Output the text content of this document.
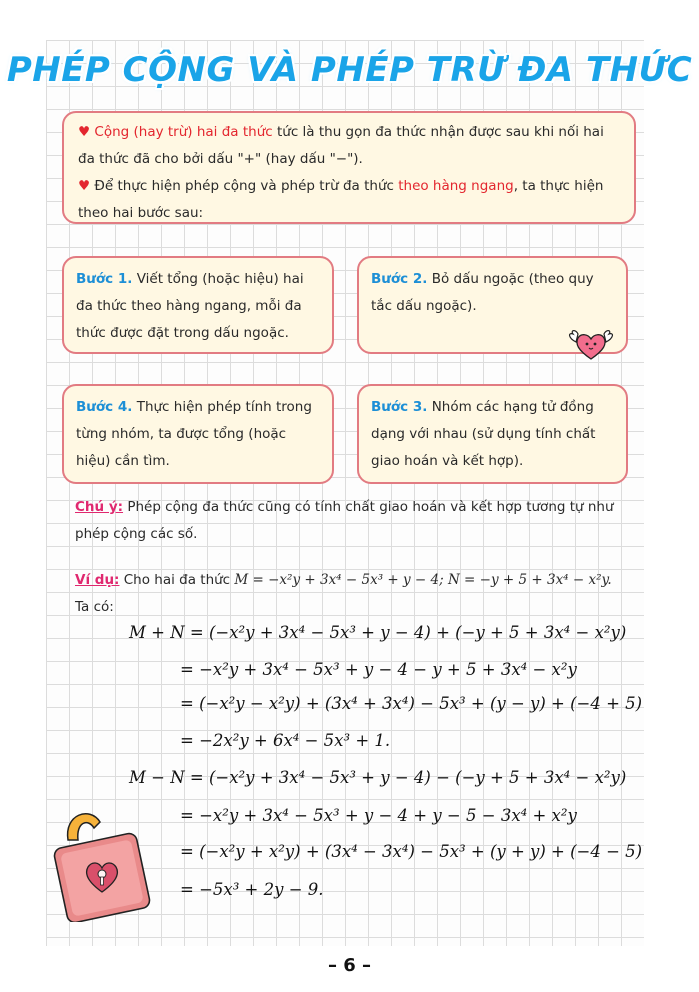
PHÉP CỘNG VÀ PHÉP TRỪ ĐA THỨC
♥ Cộng (hay trừ) hai đa thức tức là thu gọn đa thức nhận được sau khi nối hai đa thức đã cho bởi dấu "+" (hay dấu "−").
♥ Để thực hiện phép cộng và phép trừ đa thức theo hàng ngang, ta thực hiện theo hai bước sau:
Bước 1. Viết tổng (hoặc hiệu) hai đa thức theo hàng ngang, mỗi đa thức được đặt trong dấu ngoặc.
Bước 2. Bỏ dấu ngoặc (theo quy tắc dấu ngoặc).
Bước 4. Thực hiện phép tính trong từng nhóm, ta được tổng (hoặc hiệu) cần tìm.
Bước 3. Nhóm các hạng tử đồng dạng với nhau (sử dụng tính chất giao hoán và kết hợp).
Chú ý: Phép cộng đa thức cũng có tính chất giao hoán và kết hợp tương tự như phép cộng các số.
Ví dụ: Cho hai đa thức M = −x²y + 3x⁴ − 5x³ + y − 4; N = −y + 5 + 3x⁴ − x²y.
Ta có:
M + N = (−x²y + 3x⁴ − 5x³ + y − 4) + (−y + 5 + 3x⁴ − x²y)
= −x²y + 3x⁴ − 5x³ + y − 4 − y + 5 + 3x⁴ − x²y
= (−x²y − x²y) + (3x⁴ + 3x⁴) − 5x³ + (y − y) + (−4 + 5)
= −2x²y + 6x⁴ − 5x³ + 1.
M − N = (−x²y + 3x⁴ − 5x³ + y − 4) − (−y + 5 + 3x⁴ − x²y)
= −x²y + 3x⁴ − 5x³ + y − 4 + y − 5 − 3x⁴ + x²y
= (−x²y + x²y) + (3x⁴ − 3x⁴) − 5x³ + (y + y) + (−4 − 5)
= −5x³ + 2y − 9.
– 6 –
